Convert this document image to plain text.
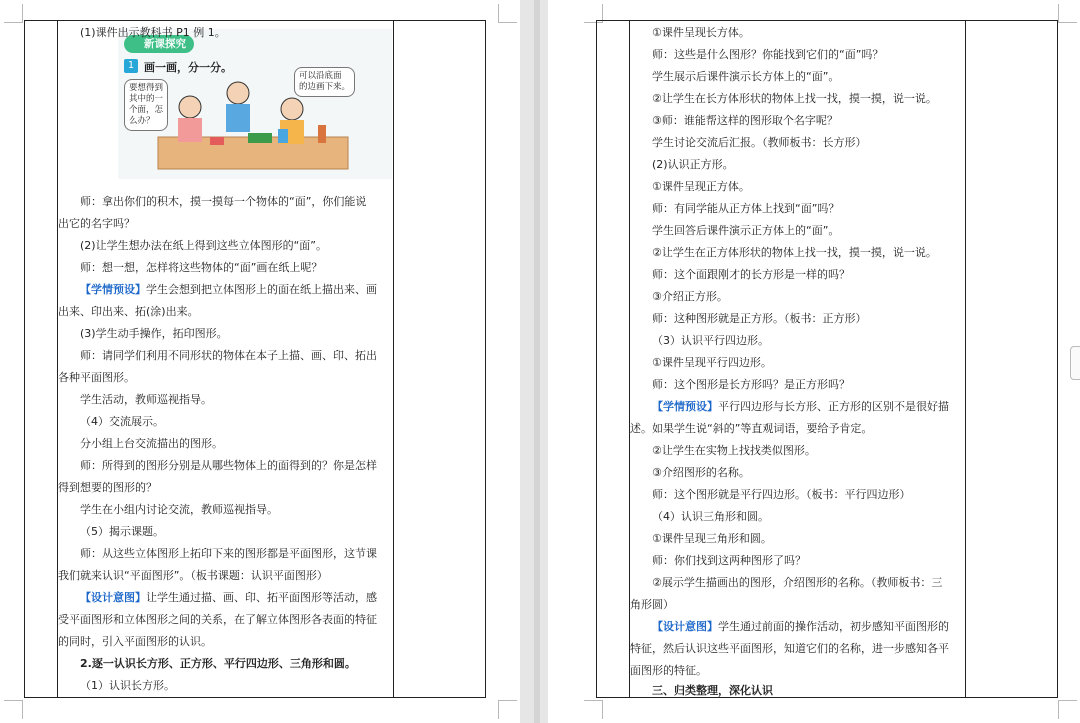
新课探究
1 画一画，分一分。
要想得到
其中的一
个面，怎
么办？
可以沿底面
的边画下来。
(1)课件出示教科书 P1 例 1。
师：拿出你们的积木，摸一摸每一个物体的“面”，你们能说
出它的名字吗？
(2)让学生想办法在纸上得到这些立体图形的“面”。
师：想一想，怎样将这些物体的“面”画在纸上呢？
【学情预设】学生会想到把立体图形上的面在纸上描出来、画
出来、印出来、拓(涂)出来。
(3)学生动手操作，拓印图形。
师：请同学们利用不同形状的物体在本子上描、画、印、拓出
各种平面图形。
学生活动，教师巡视指导。
（4）交流展示。
分小组上台交流描出的图形。
师：所得到的图形分别是从哪些物体上的面得到的？你是怎样
得到想要的图形的？
学生在小组内讨论交流，教师巡视指导。
（5）揭示课题。
师：从这些立体图形上拓印下来的图形都是平面图形，这节课
我们就来认识“平面图形”。（板书课题：认识平面图形）
【设计意图】让学生通过描、画、印、拓平面图形等活动，感
受平面图形和立体图形之间的关系，在了解立体图形各表面的特征
的同时，引入平面图形的认识。
2.逐一认识长方形、正方形、平行四边形、三角形和圆。
（1）认识长方形。
①课件呈现长方体。
师：这些是什么图形？你能找到它们的“面”吗？
学生展示后课件演示长方体上的“面”。
②让学生在长方体形状的物体上找一找，摸一摸，说一说。
③师：谁能帮这样的图形取个名字呢？
学生讨论交流后汇报。（教师板书：长方形）
(2)认识正方形。
①课件呈现正方体。
师：有同学能从正方体上找到“面”吗？
学生回答后课件演示正方体上的“面”。
②让学生在正方体形状的物体上找一找，摸一摸，说一说。
师：这个面跟刚才的长方形是一样的吗？
③介绍正方形。
师：这种图形就是正方形。（板书：正方形）
（3）认识平行四边形。
①课件呈现平行四边形。
师：这个图形是长方形吗？是正方形吗？
【学情预设】平行四边形与长方形、正方形的区别不是很好描
述。如果学生说“斜的”等直观词语，要给予肯定。
②让学生在实物上找找类似图形。
③介绍图形的名称。
师：这个图形就是平行四边形。（板书：平行四边形）
（4）认识三角形和圆。
①课件呈现三角形和圆。
师：你们找到这两种图形了吗？
②展示学生描画出的图形，介绍图形的名称。（教师板书：三
角形圆）
【设计意图】学生通过前面的操作活动，初步感知平面图形的
特征，然后认识这些平面图形，知道它们的名称，进一步感知各平
面图形的特征。
三、归类整理，深化认识
